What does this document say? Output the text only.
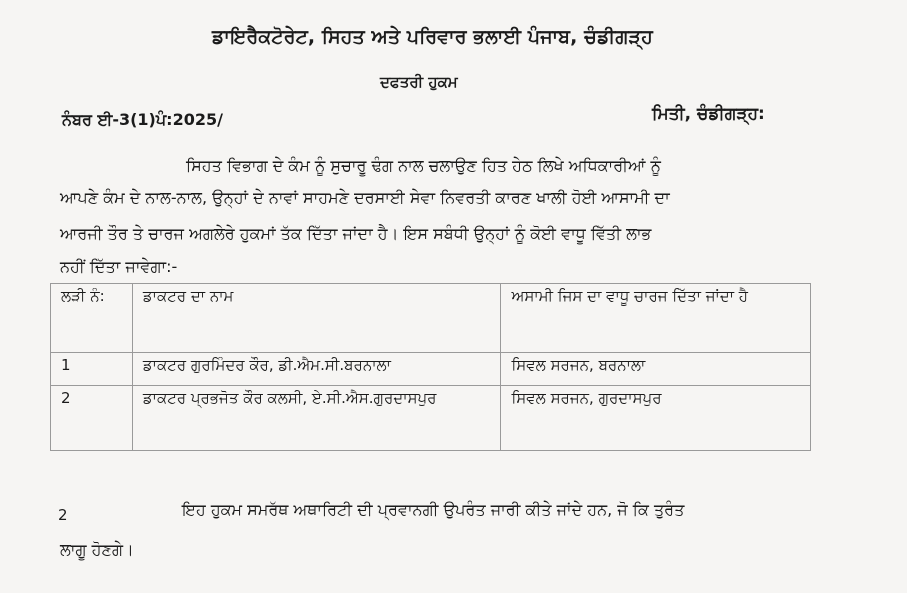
ਡਾਇਰੈਕਟੋਰੇਟ, ਸਿਹਤ ਅਤੇ ਪਰਿਵਾਰ ਭਲਾਈ ਪੰਜਾਬ, ਚੰਡੀਗੜ੍ਹ
ਦਫਤਰੀ ਹੁਕਮ
ਨੰਬਰ ਈ-3(1)ਪੰ:2025/	ਮਿਤੀ, ਚੰਡੀਗੜ੍ਹ:
ਸਿਹਤ ਵਿਭਾਗ ਦੇ ਕੰਮ ਨੂੰ ਸੁਚਾਰੂ ਢੰਗ ਨਾਲ ਚਲਾਉਣ ਹਿਤ ਹੇਠ ਲਿਖੇ ਅਧਿਕਾਰੀਆਂ ਨੂੰ
ਆਪਣੇ ਕੰਮ ਦੇ ਨਾਲ-ਨਾਲ, ਉਨ੍ਹਾਂ ਦੇ ਨਾਵਾਂ ਸਾਹਮਣੇ ਦਰਸਾਈ ਸੇਵਾ ਨਿਵਰਤੀ ਕਾਰਣ ਖਾਲੀ ਹੋਈ ਆਸਾਮੀ ਦਾ
ਆਰਜੀ ਤੌਰ ਤੇ ਚਾਰਜ ਅਗਲੇਰੇ ਹੁਕਮਾਂ ਤੱਕ ਦਿੱਤਾ ਜਾਂਦਾ ਹੈ। ਇਸ ਸਬੰਧੀ ਉਨ੍ਹਾਂ ਨੂੰ ਕੋਈ ਵਾਧੂ ਵਿੱਤੀ ਲਾਭ
ਨਹੀਂ ਦਿੱਤਾ ਜਾਵੇਗਾ:-
ਲੜੀ ਨੰ:	ਡਾਕਟਰ ਦਾ ਨਾਮ	ਅਸਾਮੀ ਜਿਸ ਦਾ ਵਾਧੂ ਚਾਰਜ ਦਿੱਤਾ ਜਾਂਦਾ ਹੈ
1	ਡਾਕਟਰ ਗੁਰਮਿੰਦਰ ਕੌਰ, ਡੀ.ਐਮ.ਸੀ.ਬਰਨਾਲਾ	ਸਿਵਲ ਸਰਜਨ, ਬਰਨਾਲਾ
2	ਡਾਕਟਰ ਪ੍ਰਭਜੋਤ ਕੌਰ ਕਲਸੀ, ਏ.ਸੀ.ਐਸ.ਗੁਰਦਾਸਪੁਰ	ਸਿਵਲ ਸਰਜਨ, ਗੁਰਦਾਸਪੁਰ
2	ਇਹ ਹੁਕਮ ਸਮਰੱਥ ਅਥਾਰਿਟੀ ਦੀ ਪ੍ਰਵਾਨਗੀ ਉਪਰੰਤ ਜਾਰੀ ਕੀਤੇ ਜਾਂਦੇ ਹਨ, ਜੋ ਕਿ ਤੁਰੰਤ
ਲਾਗੂ ਹੋਣਗੇ।
